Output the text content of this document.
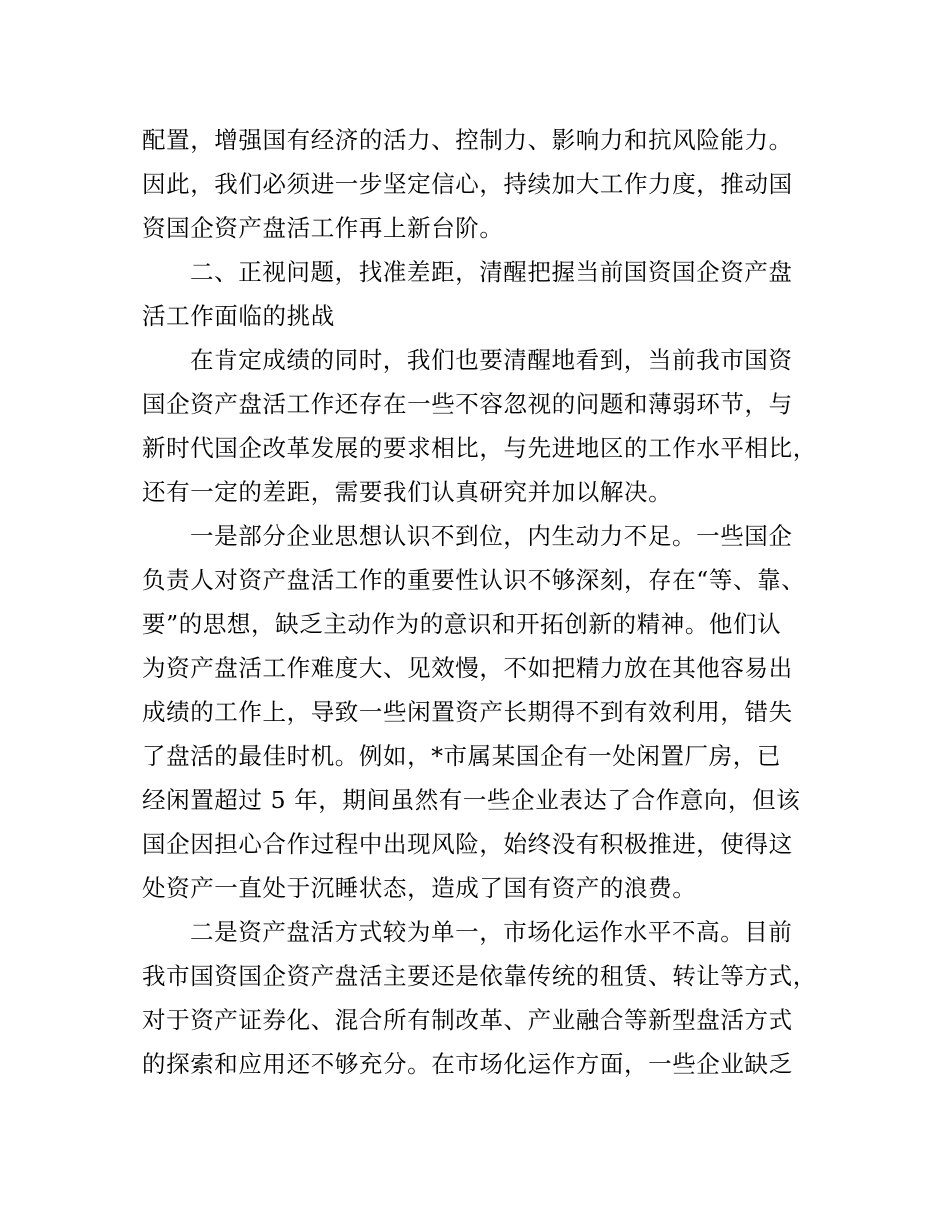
配置，增强国有经济的活力、控制力、影响力和抗风险能力。
因此，我们必须进一步坚定信心，持续加大工作力度，推动国
资国企资产盘活工作再上新台阶。
二、正视问题，找准差距，清醒把握当前国资国企资产盘
活工作面临的挑战
在肯定成绩的同时，我们也要清醒地看到，当前我市国资
国企资产盘活工作还存在一些不容忽视的问题和薄弱环节，与
新时代国企改革发展的要求相比，与先进地区的工作水平相比，
还有一定的差距，需要我们认真研究并加以解决。
一是部分企业思想认识不到位，内生动力不足。一些国企
负责人对资产盘活工作的重要性认识不够深刻，存在“等、靠、
要”的思想，缺乏主动作为的意识和开拓创新的精神。他们认
为资产盘活工作难度大、见效慢，不如把精力放在其他容易出
成绩的工作上，导致一些闲置资产长期得不到有效利用，错失
了盘活的最佳时机。例如，*市属某国企有一处闲置厂房，已
经闲置超过 5 年，期间虽然有一些企业表达了合作意向，但该
国企因担心合作过程中出现风险，始终没有积极推进，使得这
处资产一直处于沉睡状态，造成了国有资产的浪费。
二是资产盘活方式较为单一，市场化运作水平不高。目前
我市国资国企资产盘活主要还是依靠传统的租赁、转让等方式，
对于资产证券化、混合所有制改革、产业融合等新型盘活方式
的探索和应用还不够充分。在市场化运作方面，一些企业缺乏
